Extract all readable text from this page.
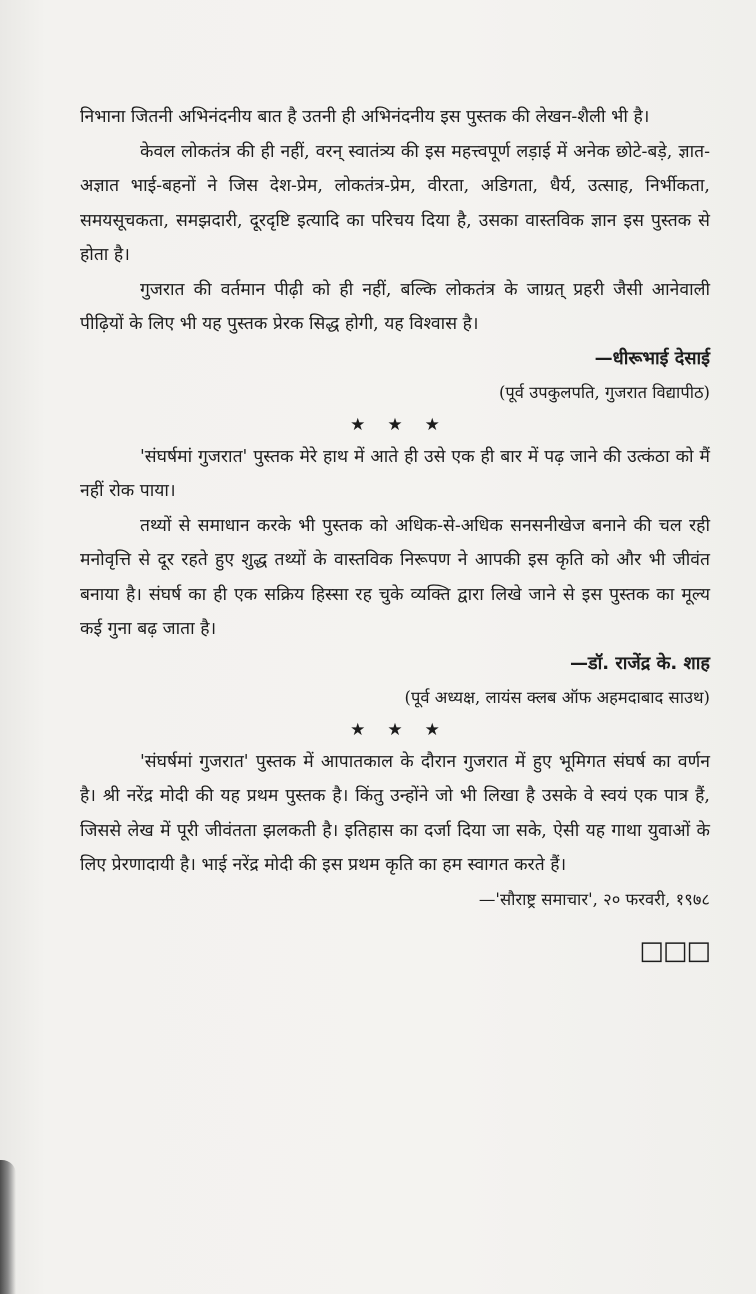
निभाना जितनी अभिनंदनीय बात है उतनी ही अभिनंदनीय इस पुस्तक की लेखन-शैली भी है।

केवल लोकतंत्र की ही नहीं, वरन् स्वातंत्र्य की इस महत्त्वपूर्ण लड़ाई में अनेक छोटे-बड़े, ज्ञात-अज्ञात भाई-बहनों ने जिस देश-प्रेम, लोकतंत्र-प्रेम, वीरता, अडिगता, धैर्य, उत्साह, निर्भीकता, समयसूचकता, समझदारी, दूरदृष्टि इत्यादि का परिचय दिया है, उसका वास्तविक ज्ञान इस पुस्तक से होता है।

गुजरात की वर्तमान पीढ़ी को ही नहीं, बल्कि लोकतंत्र के जाग्रत् प्रहरी जैसी आनेवाली पीढ़ियों के लिए भी यह पुस्तक प्रेरक सिद्ध होगी, यह विश्वास है।

—धीरूभाई देसाई
(पूर्व उपकुलपति, गुजरात विद्यापीठ)
★★★

'संघर्षमां गुजरात' पुस्तक मेरे हाथ में आते ही उसे एक ही बार में पढ़ जाने की उत्कंठा को मैं नहीं रोक पाया।

तथ्यों से समाधान करके भी पुस्तक को अधिक-से-अधिक सनसनीखेज बनाने की चल रही मनोवृत्ति से दूर रहते हुए शुद्ध तथ्यों के वास्तविक निरूपण ने आपकी इस कृति को और भी जीवंत बनाया है। संघर्ष का ही एक सक्रिय हिस्सा रह चुके व्यक्ति द्वारा लिखे जाने से इस पुस्तक का मूल्य कई गुना बढ़ जाता है।

—डॉ. राजेंद्र के. शाह
(पूर्व अध्यक्ष, लायंस क्लब ऑफ अहमदाबाद साउथ)
★★★

'संघर्षमां गुजरात' पुस्तक में आपातकाल के दौरान गुजरात में हुए भूमिगत संघर्ष का वर्णन है। श्री नरेंद्र मोदी की यह प्रथम पुस्तक है। किंतु उन्होंने जो भी लिखा है उसके वे स्वयं एक पात्र हैं, जिससे लेख में पूरी जीवंतता झलकती है। इतिहास का दर्जा दिया जा सके, ऐसी यह गाथा युवाओं के लिए प्रेरणादायी है। भाई नरेंद्र मोदी की इस प्रथम कृति का हम स्वागत करते हैं।

—'सौराष्ट्र समाचार', २० फरवरी, १९७८
□□□
